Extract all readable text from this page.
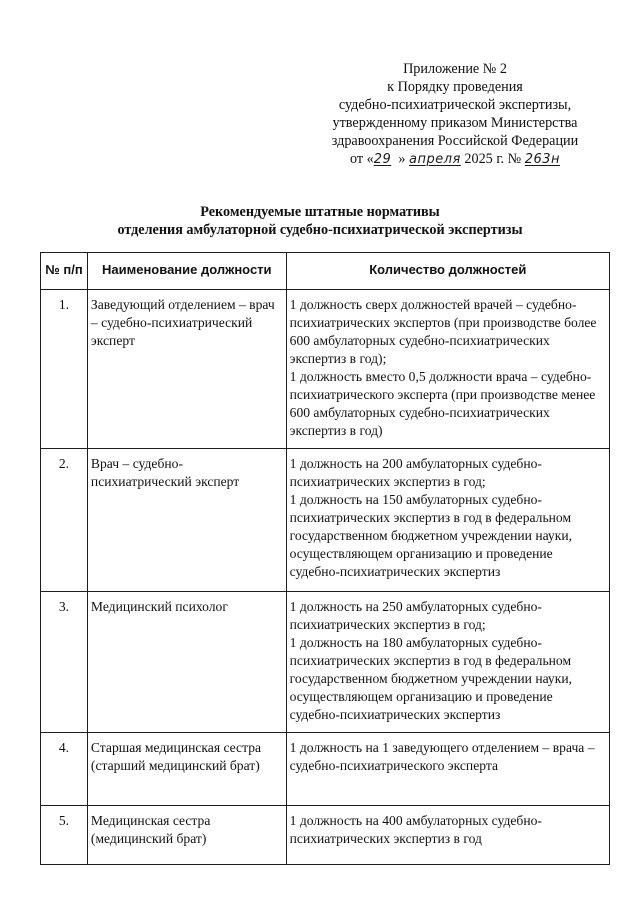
Приложение № 2
к Порядку проведения
судебно-психиатрической экспертизы,
утвержденному приказом Министерства
здравоохранения Российской Федерации
от «29 » апреля 2025 г. № 263н
Рекомендуемые штатные нормативы
отделения амбулаторной судебно-психиатрической экспертизы
№ п/п	Наименование должности	Количество должностей
1.	Заведующий отделением – врач – судебно-психиатрический эксперт	1 должность сверх должностей врачей – судебно-психиатрических экспертов (при производстве более 600 амбулаторных судебно-психиатрических экспертиз в год);
1 должность вместо 0,5 должности врача – судебно-психиатрического эксперта (при производстве менее 600 амбулаторных судебно-психиатрических экспертиз в год)

2.	Врач – судебно-психиатрический эксперт	1 должность на 200 амбулаторных судебно-психиатрических экспертиз в год;
1 должность на 150 амбулаторных судебно-психиатрических экспертиз в год в федеральном государственном бюджетном учреждении науки, осуществляющем организацию и проведение судебно-психиатрических экспертиз

3.	Медицинский психолог	1 должность на 250 амбулаторных судебно-психиатрических экспертиз в год;
1 должность на 180 амбулаторных судебно-психиатрических экспертиз в год в федеральном государственном бюджетном учреждении науки, осуществляющем организацию и проведение судебно-психиатрических экспертиз

4.	Старшая медицинская сестра (старший медицинский брат)	1 должность на 1 заведующего отделением – врача – судебно-психиатрического эксперта

5.	Медицинская сестра (медицинский брат)	1 должность на 400 амбулаторных судебно-психиатрических экспертиз в год
